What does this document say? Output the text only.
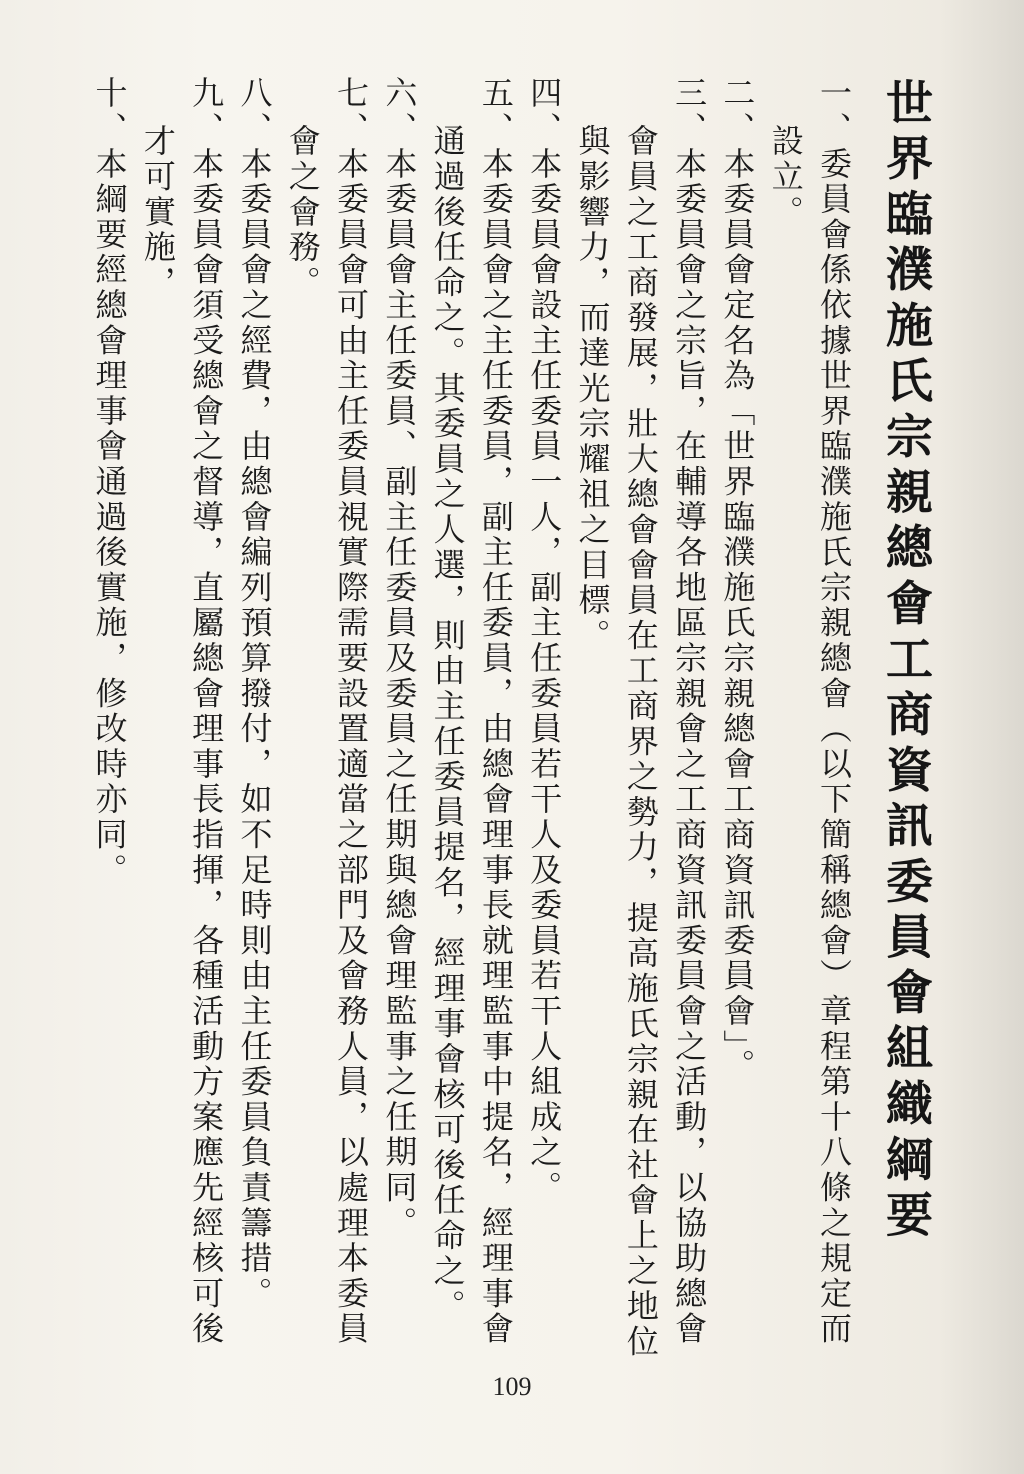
世界臨濮施氏宗親總會工商資訊委員會組織綱要

一、委員會係依據世界臨濮施氏宗親總會（以下簡稱總會）章程第十八條之規定而設立。

二、本委員會定名為「世界臨濮施氏宗親總會工商資訊委員會」。

三、本委員會之宗旨，在輔導各地區宗親會之工商資訊委員會之活動，以協助總會會員之工商發展，壯大總會會員在工商界之勢力，提高施氏宗親在社會上之地位與影響力，而達光宗耀祖之目標。

四、本委員會設主任委員一人，副主任委員若干人及委員若干人組成之。

五、本委員會之主任委員，副主任委員，由總會理事長就理監事中提名，經理事會通過後任命之。其委員之人選，則由主任委員提名，經理事會核可後任命之。

六、本委員會主任委員、副主任委員及委員之任期與總會理監事之任期同。

七、本委員會可由主任委員視實際需要設置適當之部門及會務人員，以處理本委員會之會務。

八、本委員會之經費，由總會編列預算撥付，如不足時則由主任委員負責籌措。

九、本委員會須受總會之督導，直屬總會理事長指揮，各種活動方案應先經核可後才可實施，

十、本綱要經總會理事會通過後實施，修改時亦同。

109
